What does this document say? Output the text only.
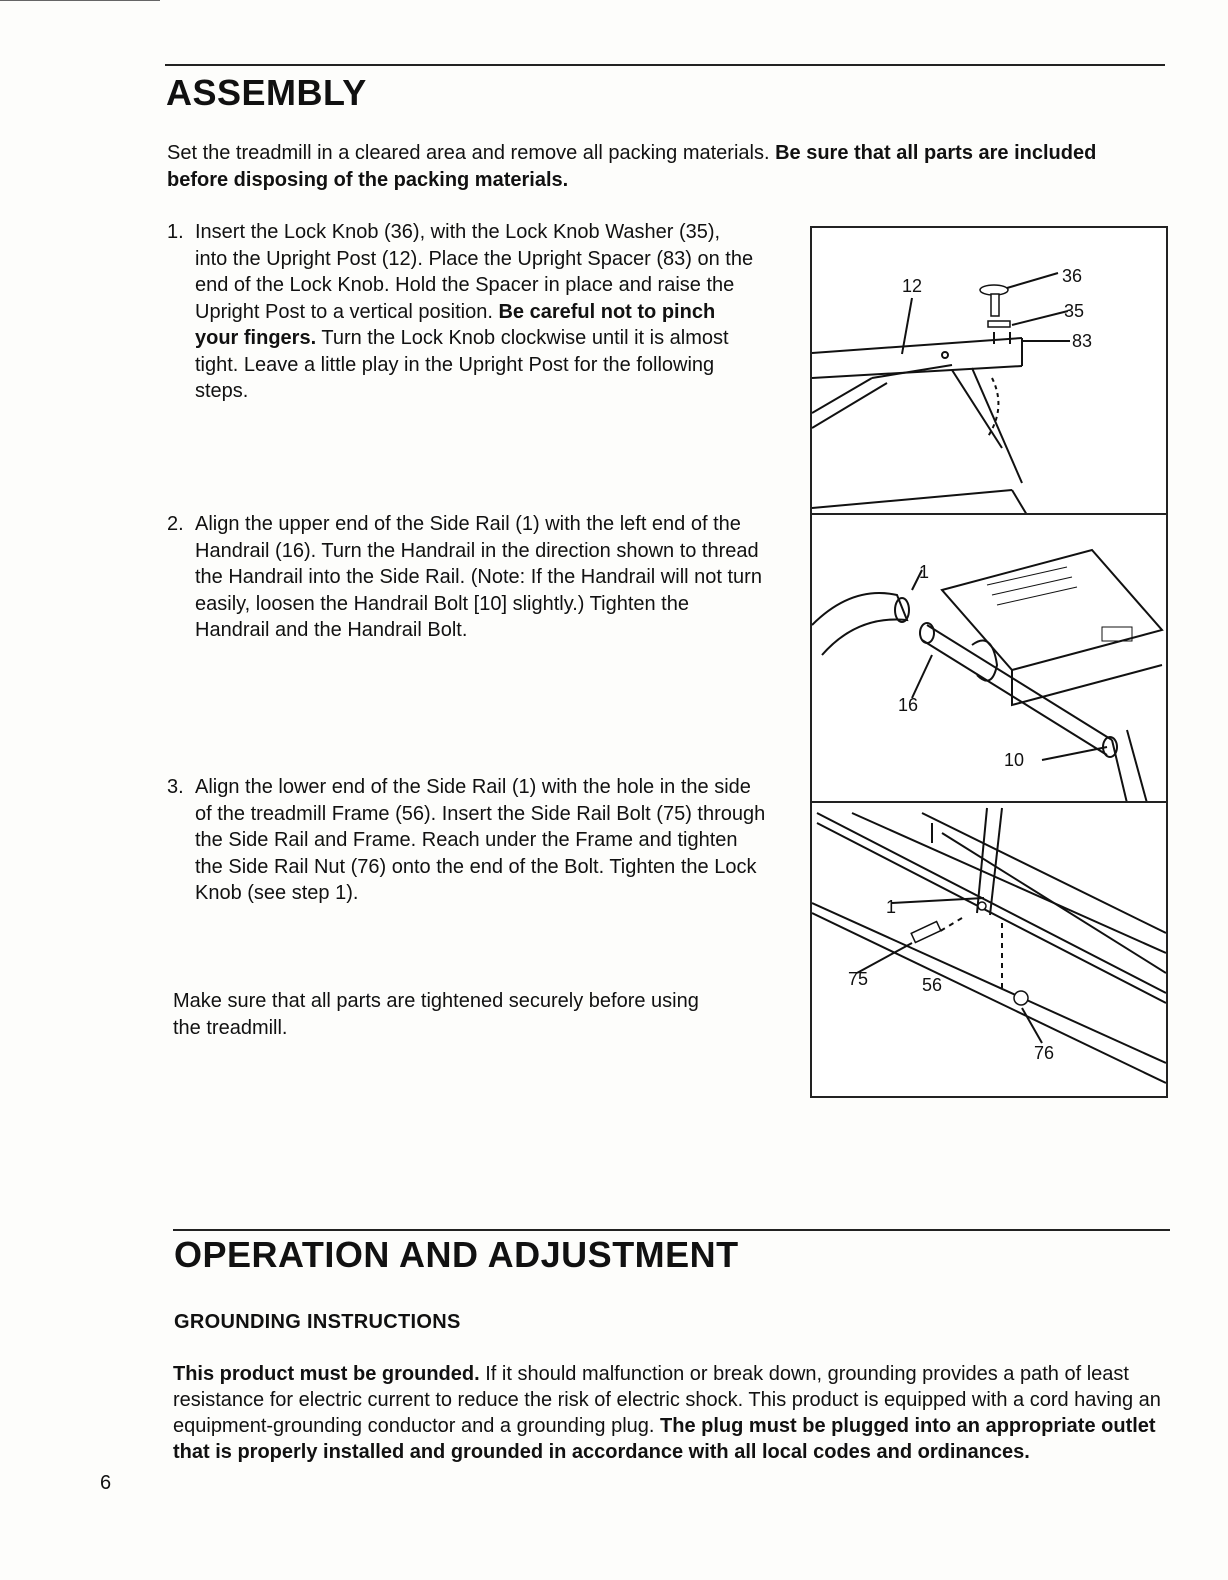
ASSEMBLY

Set the treadmill in a cleared area and remove all packing materials. Be sure that all parts are included before disposing of the packing materials.

1. Insert the Lock Knob (36), with the Lock Knob Washer (35), into the Upright Post (12). Place the Upright Spacer (83) on the end of the Lock Knob. Hold the Spacer in place and raise the Upright Post to a vertical position. Be careful not to pinch your fingers. Turn the Lock Knob clockwise until it is almost tight. Leave a little play in the Upright Post for the following steps.
2. Align the upper end of the Side Rail (1) with the left end of the Handrail (16). Turn the Handrail in the direction shown to thread the Handrail into the Side Rail. (Note: If the Handrail will not turn easily, loosen the Handrail Bolt [10] slightly.) Tighten the Handrail and the Handrail Bolt.
3. Align the lower end of the Side Rail (1) with the hole in the side of the treadmill Frame (56). Insert the Side Rail Bolt (75) through the Side Rail and Frame. Reach under the Frame and tighten the Side Rail Nut (76) onto the end of the Bolt. Tighten the Lock Knob (see step 1).

Make sure that all parts are tightened securely before using the treadmill.

12	36
35
83
1
16
10
1
75	56
76
OPERATION AND ADJUSTMENT
GROUNDING INSTRUCTIONS

This product must be grounded. If it should malfunction or break down, grounding provides a path of least resistance for electric current to reduce the risk of electric shock. This product is equipped with a cord having an equipment-grounding conductor and a grounding plug. The plug must be plugged into an appropriate outlet that is properly installed and grounded in accordance with all local codes and ordinances.

6
